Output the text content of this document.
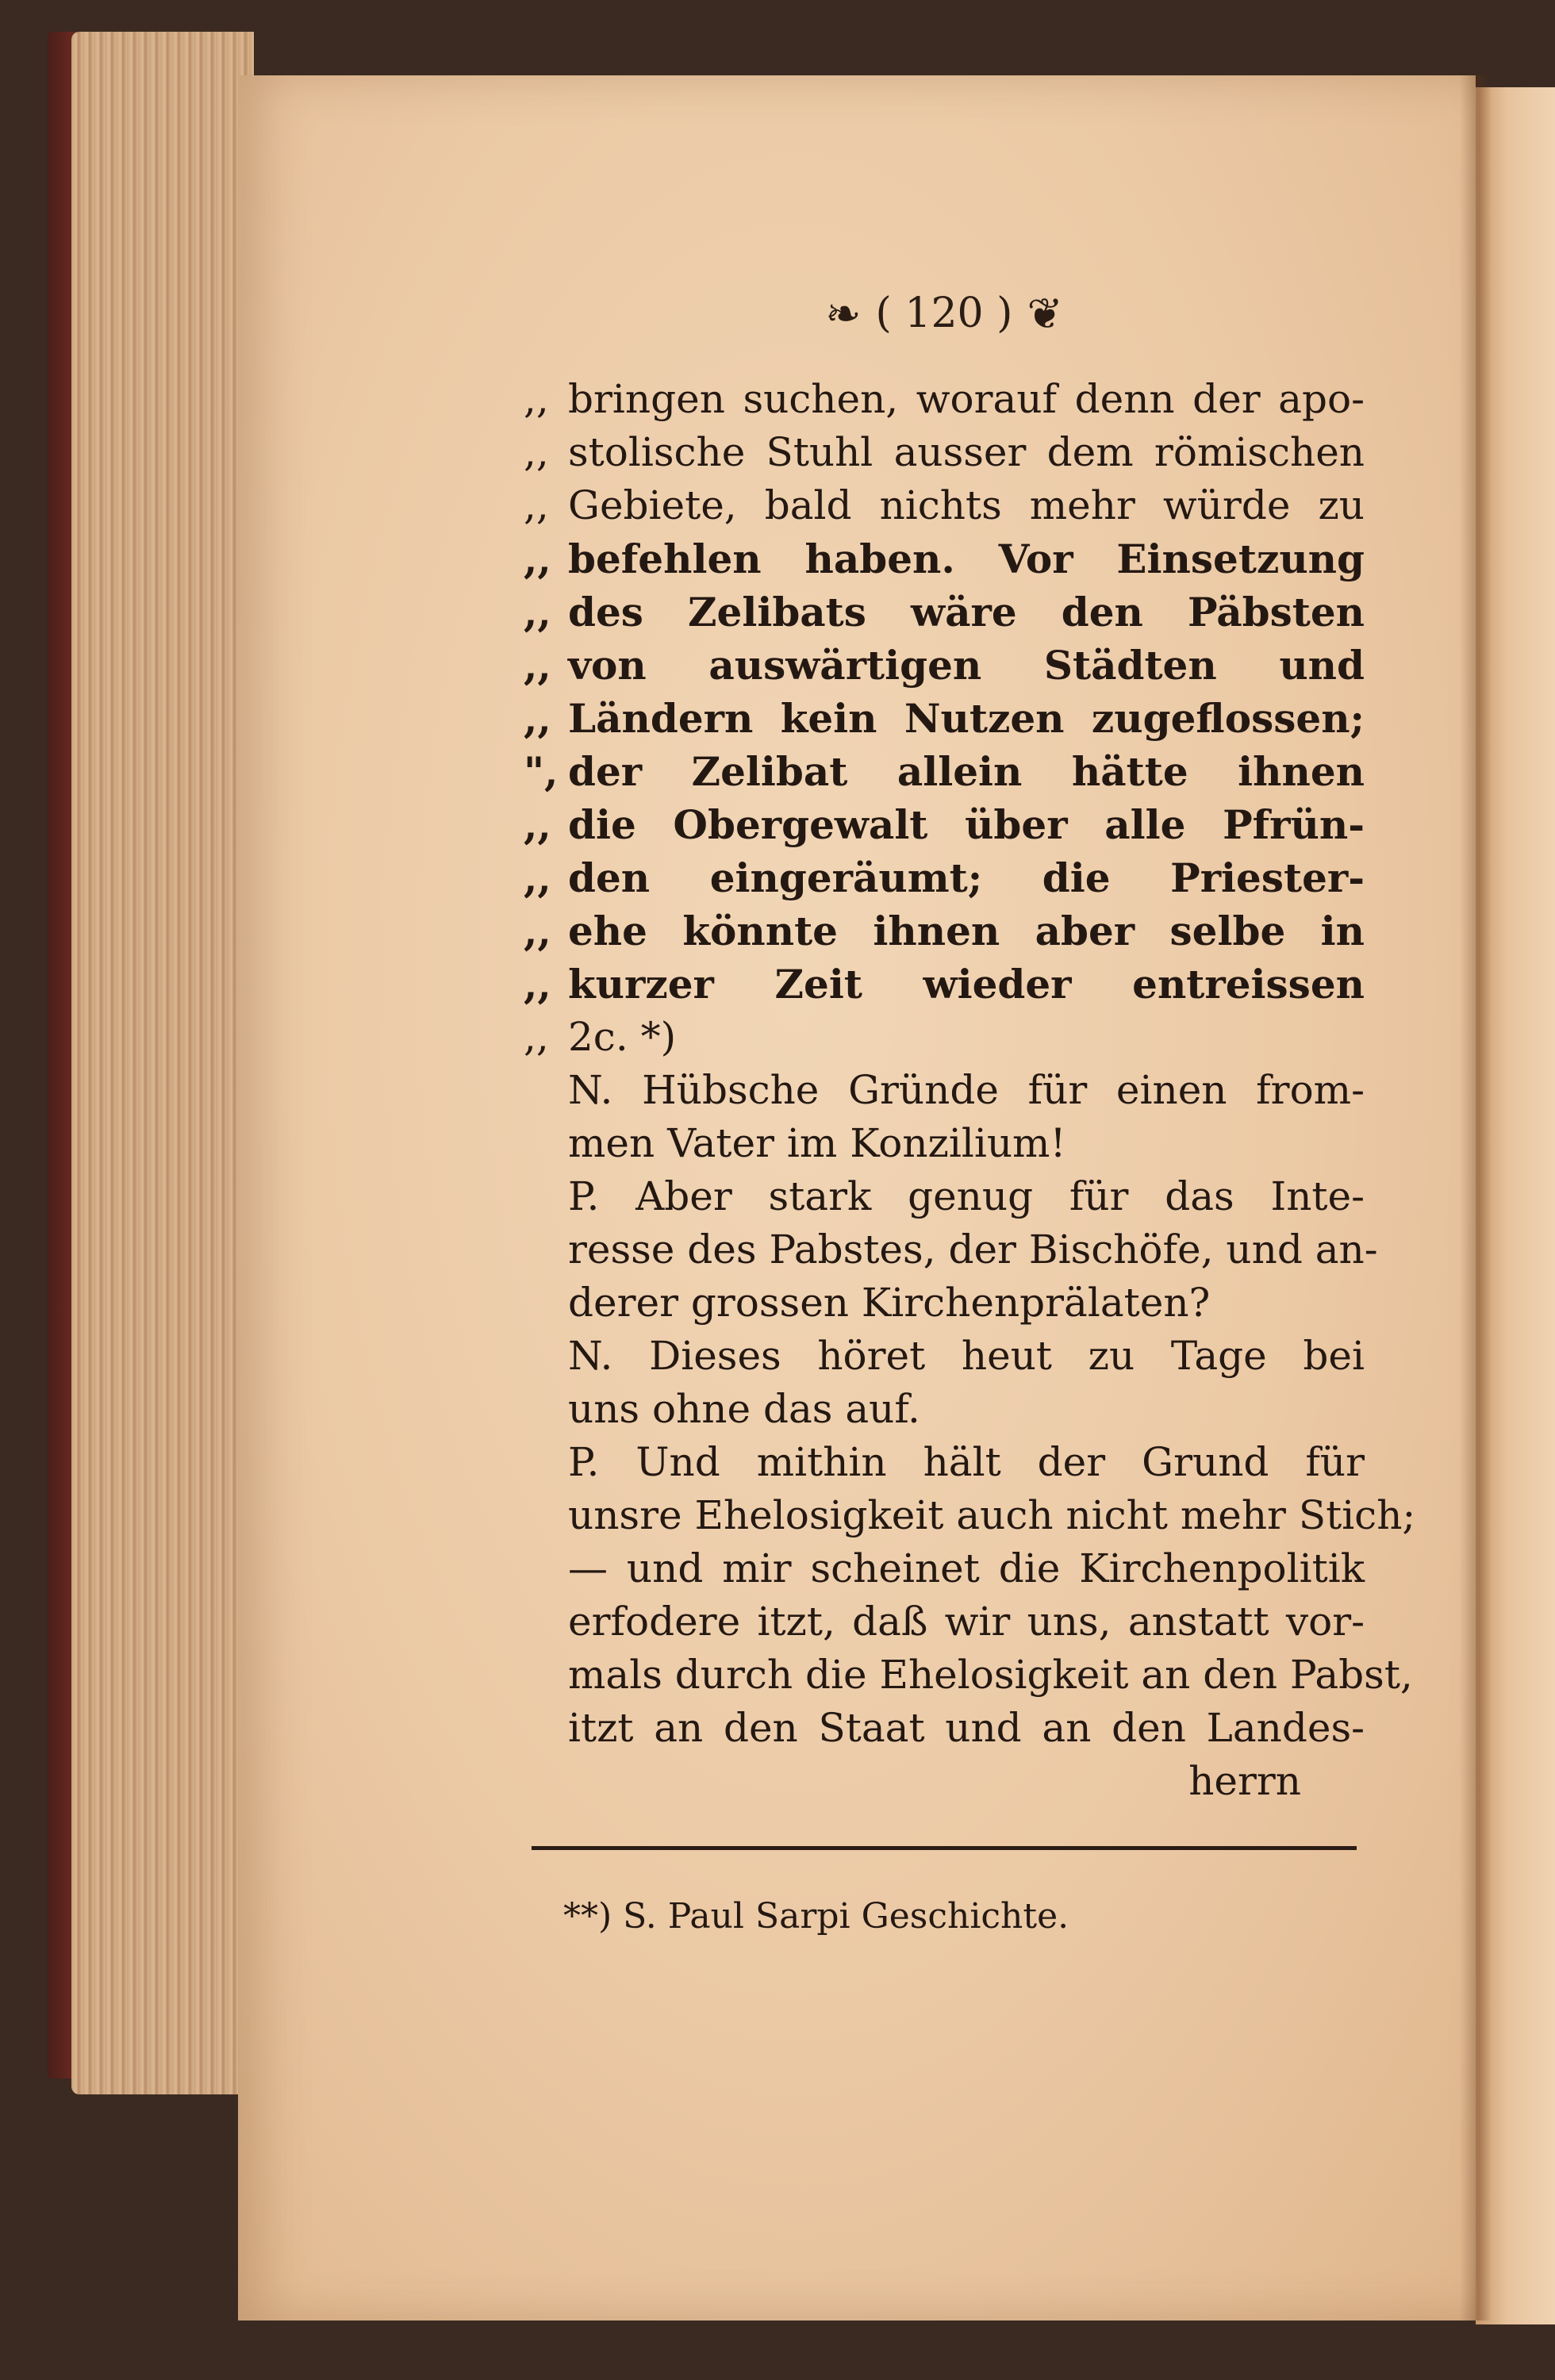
❧ ( 120 ) ❦
,, bringen suchen, worauf denn der apo-
,, stolische Stuhl ausser dem römischen
,, Gebiete, bald nichts mehr würde zu
,, befehlen haben. Vor Einsetzung
,, des Zelibats wäre den Päbsten
,, von auswärtigen Städten und
,, Ländern kein Nutzen zugeflossen;
", der Zelibat allein hätte ihnen
,, die Obergewalt über alle Pfrün-
,, den eingeräumt; die Priester-
,, ehe könnte ihnen aber selbe in
,, kurzer Zeit wieder entreissen
,, 2c. *)
N. Hübsche Gründe für einen from-
men Vater im Konzilium!
P. Aber stark genug für das Inte-
resse des Pabstes, der Bischöfe, und an-
derer grossen Kirchenprälaten?
N. Dieses höret heut zu Tage bei
uns ohne das auf.
P. Und mithin hält der Grund für
unsre Ehelosigkeit auch nicht mehr Stich;
— und mir scheinet die Kirchenpolitik
erfodere itzt, daß wir uns, anstatt vor-
mals durch die Ehelosigkeit an den Pabst,
itzt an den Staat und an den Landes-
herrn
**) S. Paul Sarpi Geschichte.
